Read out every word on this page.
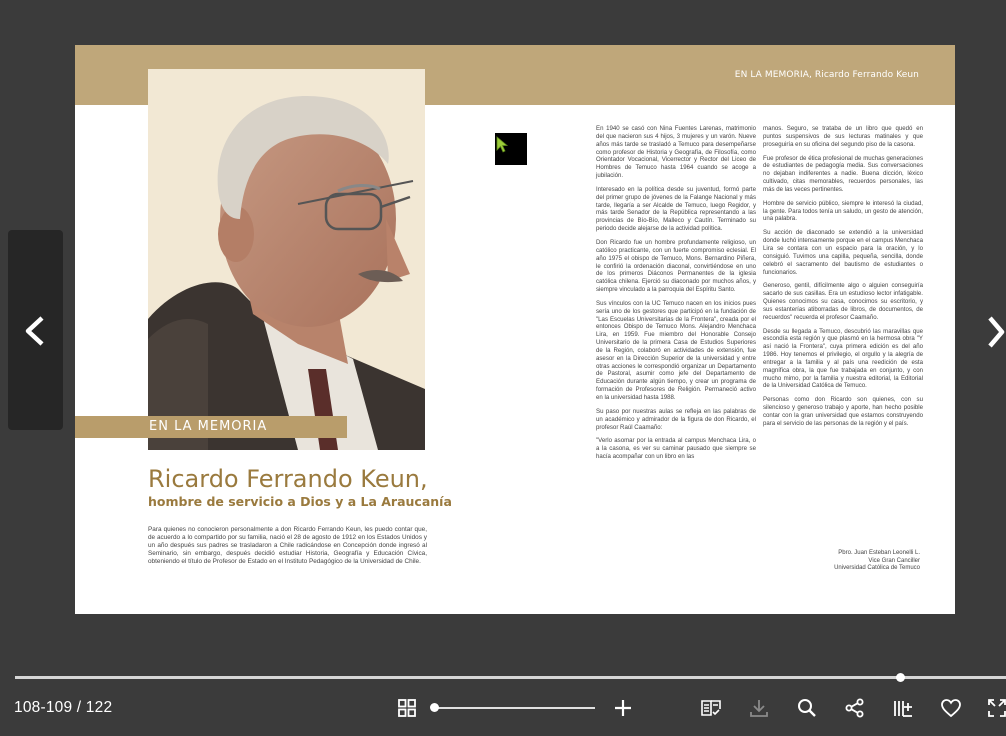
EN LA MEMORIA, Ricardo Ferrando Keun
EN LA MEMORIA
Ricardo Ferrando Keun,
hombre de servicio a Dios y a La Araucanía

Para quienes no conocieron personalmente a don Ricardo Ferrando Keun, les puedo contar que, de acuerdo a lo compartido por su familia, nació el 28 de agosto de 1912 en los Estados Unidos y un año después sus padres se trasladaron a Chile radicándose en Concepción donde ingresó al Seminario, sin embargo, después decidió estudiar Historia, Geografía y Educación Cívica, obteniendo el título de Profesor de Estado en el Instituto Pedagógico de la Universidad de Chile.

En 1940 se casó con Nina Fuentes Larenas, matrimonio del que nacieron sus 4 hijos, 3 mujeres y un varón. Nueve años más tarde se trasladó a Temuco para desempeñarse como profesor de Historia y Geografía, de Filosofía, como Orientador Vocacional, Vicerrector y Rector del Liceo de Hombres de Temuco hasta 1964 cuando se acoge a jubilación.

Interesado en la política desde su juventud, formó parte del primer grupo de jóvenes de la Falange Nacional y más tarde, llegaría a ser Alcalde de Temuco, luego Regidor, y más tarde Senador de la República representando a las provincias de Bío-Bío, Malleco y Cautín. Terminado su periodo decide alejarse de la actividad política.

Don Ricardo fue un hombre profundamente religioso, un católico practicante, con un fuerte compromiso eclesial. El año 1975 el obispo de Temuco, Mons. Bernardino Piñera, le confirió la ordenación diaconal, convirtiéndose en uno de los primeros Diáconos Permanentes de la iglesia católica chilena. Ejerció su diaconado por muchos años, y siempre vinculado a la parroquia del Espíritu Santo.

Sus vínculos con la UC Temuco nacen en los inicios pues sería uno de los gestores que participó en la fundación de "Las Escuelas Universitarias de la Frontera", creada por el entonces Obispo de Temuco Mons. Alejandro Menchaca Lira, en 1959. Fue miembro del Honorable Consejo Universitario de la primera Casa de Estudios Superiores de la Región, colaboró en actividades de extensión, fue asesor en la Dirección Superior de la universidad y entre otras acciones le correspondió organizar un Departamento de Pastoral, asumir como jefe del Departamento de Educación durante algún tiempo, y crear un programa de formación de Profesores de Religión. Permaneció activo en la universidad hasta 1988.

Su paso por nuestras aulas se refleja en las palabras de un académico y admirador de la figura de don Ricardo, el profesor Raúl Caamaño:

"Verlo asomar por la entrada al campus Menchaca Lira, o a la casona, es ver su caminar pausado que siempre se hacía acompañar con un libro en las

manos. Seguro, se trataba de un libro que quedó en puntos suspensivos de sus lecturas matinales y que proseguiría en su oficina del segundo piso de la casona.

Fue profesor de ética profesional de muchas generaciones de estudiantes de pedagogía media. Sus conversaciones no dejaban indiferentes a nadie. Buena dicción, léxico cultivado, citas memorables, recuerdos personales, las más de las veces pertinentes.

Hombre de servicio público, siempre le interesó la ciudad, la gente. Para todos tenía un saludo, un gesto de atención, una palabra.

Su acción de diaconado se extendió a la universidad donde luchó intensamente porque en el campus Menchaca Lira se contara con un espacio para la oración, y lo consiguió. Tuvimos una capilla, pequeña, sencilla, donde celebró el sacramento del bautismo de estudiantes o funcionarios.

Generoso, gentil, difícilmente algo o alguien conseguiría sacarlo de sus casillas. Era un estudioso lector infatigable. Quienes conocimos su casa, conocimos su escritorio, y sus estanterías atiborradas de libros, de documentos, de recuerdos" recuerda el profesor Caamaño.

Desde su llegada a Temuco, descubrió las maravillas que escondía esta región y que plasmó en la hermosa obra "Y así nació la Frontera", cuya primera edición es del año 1986. Hoy tenemos el privilegio, el orgullo y la alegría de entregar a la familia y al país una reedición de esta magnífica obra, la que fue trabajada en conjunto, y con mucho mimo, por la familia y nuestra editorial, la Editorial de la Universidad Católica de Temuco.

Personas como don Ricardo son quienes, con su silencioso y generoso trabajo y aporte, han hecho posible contar con la gran universidad que estamos construyendo para el servicio de las personas de la región y el país.

Pbro. Juan Esteban Leonelli L.
Vice Gran Canciller
Universidad Católica de Temuco
108-109 / 122
